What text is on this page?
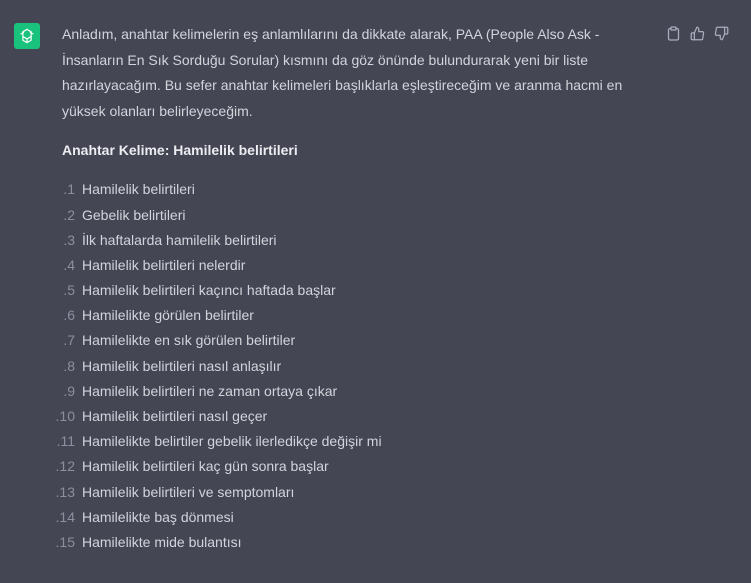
Anladım, anahtar kelimelerin eş anlamlılarını da dikkate alarak, PAA (People Also Ask - İnsanların En Sık Sorduğu Sorular) kısmını da göz önünde bulundurarak yeni bir liste hazırlayacağım. Bu sefer anahtar kelimeleri başlıklarla eşleştireceğim ve aranma hacmi en yüksek olanları belirleyeceğim.

Anahtar Kelime: Hamilelik belirtileri

1. Hamilelik belirtileri
2. Gebelik belirtileri
3. İlk haftalarda hamilelik belirtileri
4. Hamilelik belirtileri nelerdir
5. Hamilelik belirtileri kaçıncı haftada başlar
6. Hamilelikte görülen belirtiler
7. Hamilelikte en sık görülen belirtiler
8. Hamilelik belirtileri nasıl anlaşılır
9. Hamilelik belirtileri ne zaman ortaya çıkar
10. Hamilelik belirtileri nasıl geçer
11. Hamilelikte belirtiler gebelik ilerledikçe değişir mi
12. Hamilelik belirtileri kaç gün sonra başlar
13. Hamilelik belirtileri ve semptomları
14. Hamilelikte baş dönmesi
15. Hamilelikte mide bulantısı
